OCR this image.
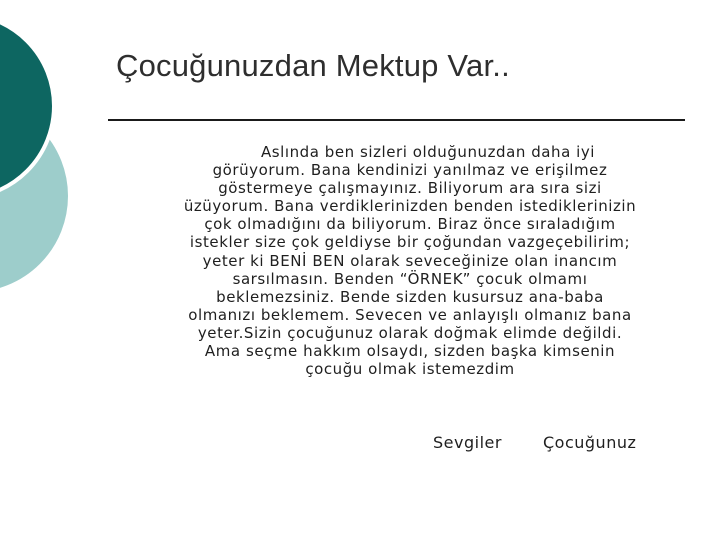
Çocuğunuzdan Mektup Var..

Aslında ben sizleri olduğunuzdan daha iyi
görüyorum. Bana kendinizi yanılmaz ve erişilmez
göstermeye çalışmayınız. Biliyorum ara sıra sizi
üzüyorum. Bana verdiklerinizden benden istediklerinizin
çok olmadığını da biliyorum. Biraz önce sıraladığım
istekler size çok geldiyse bir çoğundan vazgeçebilirim;
yeter ki BENİ BEN olarak seveceğinize olan inancım
sarsılmasın. Benden “ÖRNEK” çocuk olmamı
beklemezsiniz. Bende sizden kusursuz ana-baba
olmanızı beklemem. Sevecen ve anlayışlı olmanız bana
yeter.Sizin çocuğunuz olarak doğmak elimde değildi.
Ama seçme hakkım olsaydı, sizden başka kimsenin
çocuğu olmak istemezdim

Sevgiler	Çocuğunuz
